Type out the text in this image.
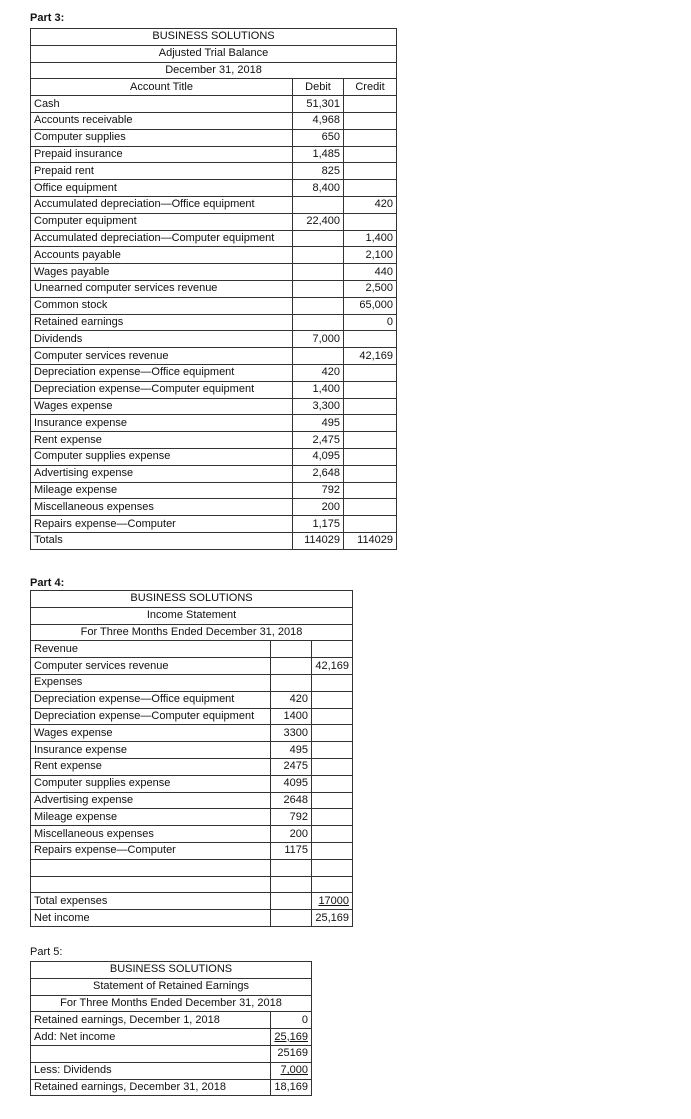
Part 3:
BUSINESS SOLUTIONS		
Adjusted Trial Balance		
December 31, 2018		
Account Title	Debit	Credit
Cash	51,301	
Accounts receivable	4,968	
Computer supplies	650	
Prepaid insurance	1,485	
Prepaid rent	825	
Office equipment	8,400	
Accumulated depreciation—Office equipment		420
Computer equipment	22,400	
Accumulated depreciation—Computer equipment		1,400
Accounts payable		2,100
Wages payable		440
Unearned computer services revenue		2,500
Common stock		65,000
Retained earnings		0
Dividends	7,000	
Computer services revenue		42,169
Depreciation expense—Office equipment	420	
Depreciation expense—Computer equipment	1,400	
Wages expense	3,300	
Insurance expense	495	
Rent expense	2,475	
Computer supplies expense	4,095	
Advertising expense	2,648	
Mileage expense	792	
Miscellaneous expenses	200	
Repairs expense—Computer	1,175	
Totals	114029	114029
Part 4:
BUSINESS SOLUTIONS		
Income Statement		
For Three Months Ended December 31, 2018		
Revenue		
Computer services revenue		42,169
Expenses		
Depreciation expense—Office equipment	420	
Depreciation expense—Computer equipment	1400	
Wages expense	3300	
Insurance expense	495	
Rent expense	2475	
Computer supplies expense	4095	
Advertising expense	2648	
Mileage expense	792	
Miscellaneous expenses	200	
Repairs expense—Computer	1175	

Total expenses		17000
Net income		25,169
Part 5:
BUSINESS SOLUTIONS	
Statement of Retained Earnings	
For Three Months Ended December 31, 2018	
Retained earnings, December 1, 2018	0
Add: Net income	25,169
	25169
Less: Dividends	7,000
Retained earnings, December 31, 2018	18,169
